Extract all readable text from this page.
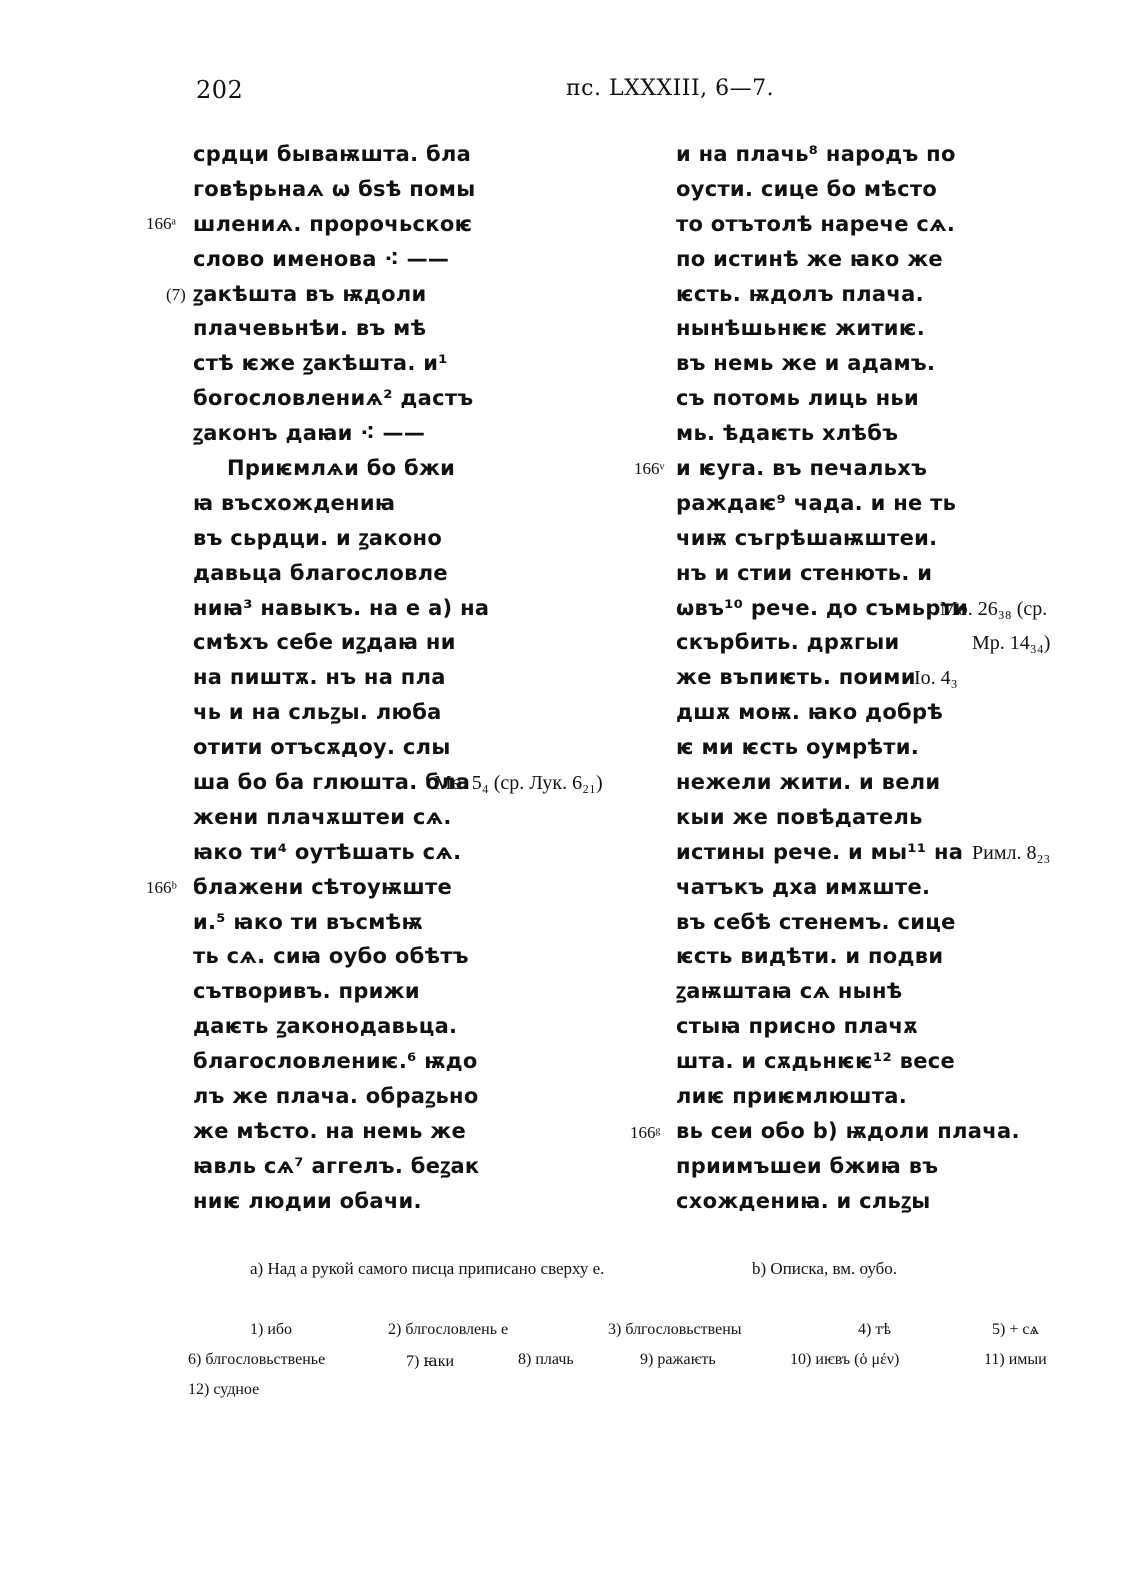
202	пс. LXXXIII, 6—7.
срдци бываѭшта. бла
говѣрьнаѧ ѡ бѕѣ помы
шлениѧ. пророчьскоѥ
слово именова ⁖ ——
ꙁакѣшта въ ѭдоли
плачевьнѣи. въ мѣ
стѣ ѥже ꙁакѣшта. и¹
богословлениѧ² дастъ
ꙁаконъ даꙗи ⁖ ——
Приѥмлѧи бо бжи
ꙗ въсхождениꙗ
въ сьрдци. и ꙁаконо
давьца благословле
ниꙗ³ навыкъ. на е а) на
смѣхъ себе иꙁдаꙗ ни
на пиштѫ. нъ на пла
чь и на сльꙁы. люба
отити отъсѫдоу. слы
ша бо ба глюшта. бла
жени плачѫштеи сѧ.
ꙗко ти⁴ оутѣшать сѧ.
блажени сѣтоуѭштe
и.⁵ ꙗко ти въсмѣѭ
ть сѧ. сиꙗ оубо обѣтъ
сътворивъ. прижи
даѥть ꙁаконодавьца.
благословлениѥ.⁶ ѭдо
лъ же плача. обраꙁьно
же мѣсто. на немь же
ꙗвль сѧ⁷ аггелъ. беꙁак
ниѥ людии обачи.
и на плачь⁸ народъ по
оусти. сице бо мѣсто
то отътолѣ нарече сѧ.
по истинѣ же ꙗко же
ѥсть. ѭдолъ плача.
нынѣшьнѥѥ житиѥ.
въ немь же и адамъ.
съ потомь лиць ньи
мь. ѣдаѥть хлѣбъ
и ѥуга. въ печальхъ
раждаѥ⁹ чада. и не ть
чиѭ съгрѣшаѭштеи.
нъ и стии стенють. и
ѡвъ¹⁰ рече. до съмьрти
скърбить. дрѫгыи
же въпиѥть. поими
дшѫ моѭ. ꙗко добрѣ
ѥ ми ѥсть оумрѣти.
нежели жити. и вели
кыи же повѣдатель
истины рече. и мы¹¹ на
чатъкъ дха имѫште.
въ себѣ стенемъ. сице
ѥсть видѣти. и подви
ꙁаѭштаꙗ сѧ нынѣ
стыꙗ присно плачѫ
шта. и сѫдьнѥѥ¹² весе
лиѥ приѥмлюшта.
вь сеи обо b) ѭдоли плача.
приимъшеи бжиꙗ въ
схождениꙗ. и сльꙁы
166ᵃ
(7)
166ᵇ
166ᵛ
166ᵍ
Мѳ. 5₄ (ср. Лук. 6₂₁)
Мѳ. 26₃₈ (ср.
Мр. 14₃₄)
Іо. 4₃
Римл. 8₂₃
a) Над а рукой самого писца приписано сверху е.	b) Описка, вм. оубо.
1) ибо	2) блгословлень е	3) блгословьствены	4) тѣ	5) + сѧ
6) блгословьственье	7) ꙗки	8) плачь	9) ражаѥть	10) иѥвъ (ὁ μέν)	11) имыи
12) судное
